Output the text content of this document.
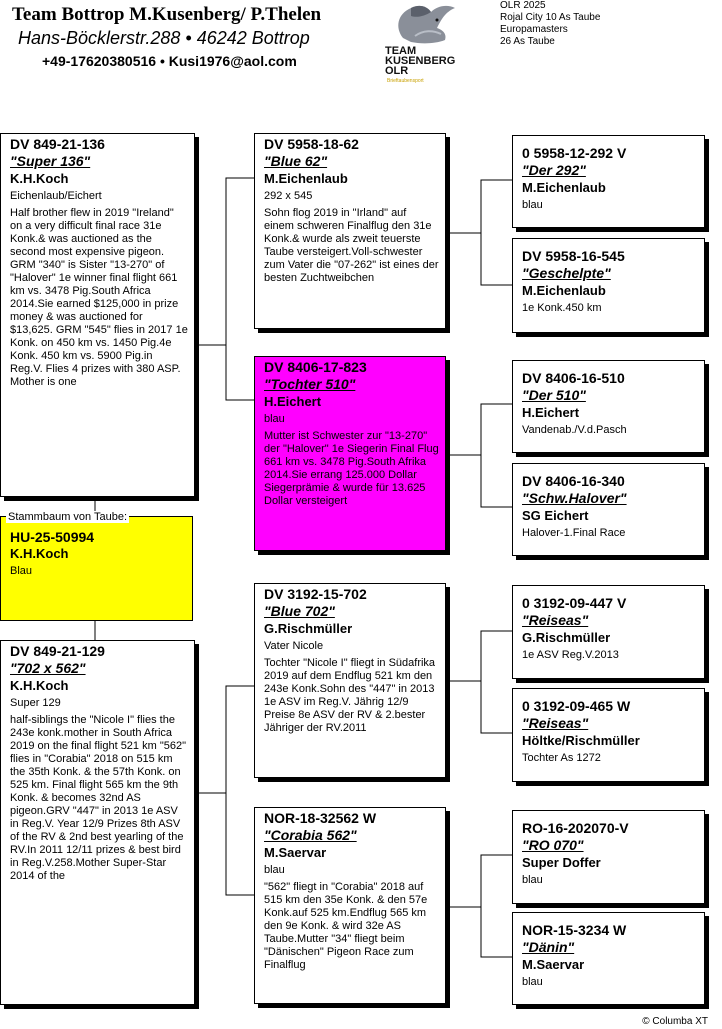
Team Bottrop M.Kusenberg/ P.Thelen
Hans-Böcklerstr.288 • 46242 Bottrop
+49-17620380516 • Kusi1976@aol.com
TEAM
KUSENBERG
OLR
Brieftaubensport
OLR 2025
Rojal City 10 As Taube
Europamasters
26 As Taube
DV 849-21-136
"Super 136"
K.H.Koch
Eichenlaub/Eichert
Half brother flew in 2019 "Ireland" on a very difficult final race 31e Konk.& was auctioned as the second most expensive pigeon. GRM "340" is Sister "13-270" of "Halover" 1e winner final flight 661 km vs. 3478 Pig.South Africa 2014.Sie earned $125,000 in prize money & was auctioned for $13,625. GRM "545" flies in 2017 1e Konk. on 450 km vs. 1450 Pig.4e Konk. 450 km vs. 5900 Pig.in Reg.V. Flies 4 prizes with 380 ASP. Mother is one
Stammbaum von Taube:
HU-25-50994
K.H.Koch
Blau
DV 849-21-129
"702 x 562"
K.H.Koch
Super 129
half-siblings the "Nicole I" flies the 243e konk.mother in South Africa 2019 on the final flight 521 km "562" flies in "Corabia" 2018 on 515 km the 35th Konk. & the 57th Konk. on 525 km. Final flight 565 km the 9th Konk. & becomes 32nd AS pigeon.GRV "447" in 2013 1e ASV in Reg.V. Year 12/9 Prizes 8th ASV of the RV & 2nd best yearling of the RV.In 2011 12/11 prizes & best bird in Reg.V.258.Mother Super-Star 2014 of the
DV 5958-18-62
"Blue 62"
M.Eichenlaub
292 x 545
Sohn flog 2019 in "Irland" auf einem schweren Finalflug den 31e Konk.& wurde als zweit teuerste Taube versteigert.Voll-schwester zum Vater die "07-262" ist eines der besten Zuchtweibchen
DV 8406-17-823
"Tochter 510"
H.Eichert
blau
Mutter ist Schwester zur "13-270" der "Halover" 1e Siegerin Final Flug 661 km vs. 3478 Pig.South Afrika 2014.Sie errang 125.000 Dollar Siegerprämie & wurde für 13.625 Dollar versteigert
DV 3192-15-702
"Blue 702"
G.Rischmüller
Vater Nicole
Tochter "Nicole I" fliegt in Südafrika 2019 auf dem Endflug 521 km den 243e Konk.Sohn des "447" in 2013 1e ASV im Reg.V. Jährig 12/9 Preise 8e ASV der RV & 2.bester Jähriger der RV.2011
NOR-18-32562 W
"Corabia 562"
M.Saervar
blau
"562" fliegt in "Corabia" 2018 auf 515 km den 35e Konk. & den 57e Konk.auf 525 km.Endflug 565 km den 9e Konk. & wird 32e AS Taube.Mutter "34" fliegt beim "Dänischen" Pigeon Race zum Finalflug
0 5958-12-292 V
"Der 292"
M.Eichenlaub
blau
DV 5958-16-545
"Geschelpte"
M.Eichenlaub
1e Konk.450 km
DV 8406-16-510
"Der 510"
H.Eichert
Vandenab./V.d.Pasch
DV 8406-16-340
"Schw.Halover"
SG Eichert
Halover-1.Final Race
0 3192-09-447 V
"Reiseas"
G.Rischmüller
1e ASV Reg.V.2013
0 3192-09-465 W
"Reiseas"
Höltke/Rischmüller
Tochter As 1272
RO-16-202070-V
"RO 070"
Super Doffer
blau
NOR-15-3234 W
"Dänin"
M.Saervar
blau
© Columba XT
